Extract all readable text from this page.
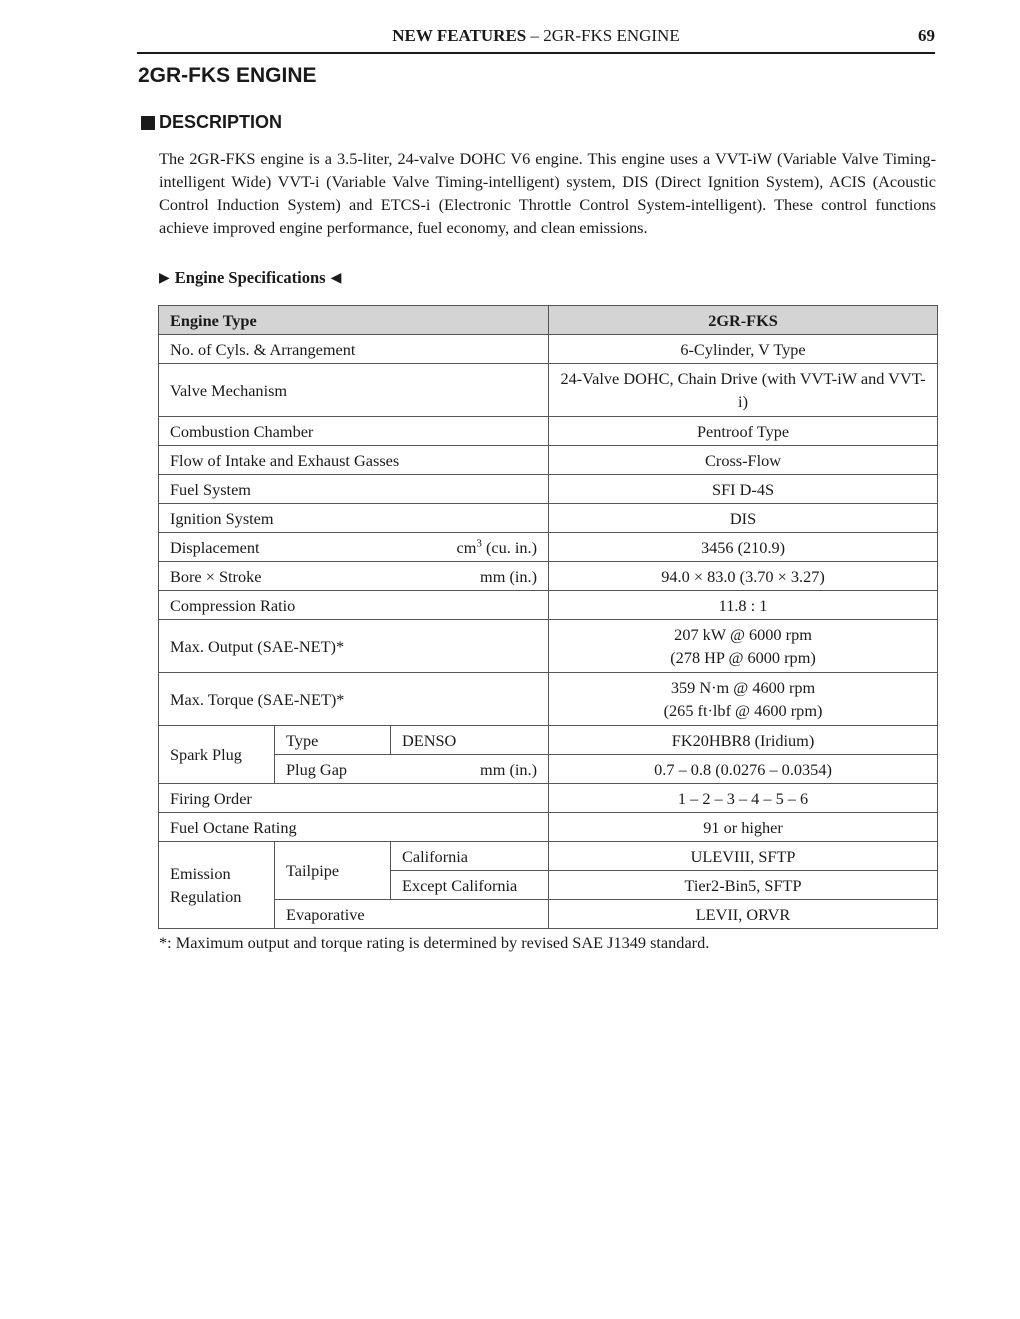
NEW FEATURES – 2GR-FKS ENGINE	69
2GR-FKS ENGINE
DESCRIPTION

The 2GR-FKS engine is a 3.5-liter, 24-valve DOHC V6 engine. This engine uses a VVT-iW (Variable Valve Timing-intelligent Wide) VVT-i (Variable Valve Timing-intelligent) system, DIS (Direct Ignition System), ACIS (Acoustic Control Induction System) and ETCS-i (Electronic Throttle Control System-intelligent). These control functions achieve improved engine performance, fuel economy, and clean emissions.

▶ Engine Specifications ◀
Engine Type			2GR-FKS
No. of Cyls. & Arrangement			6-Cylinder, V Type
Valve Mechanism			24-Valve DOHC, Chain Drive (with VVT-iW and VVT-i)
Combustion Chamber			Pentroof Type
Flow of Intake and Exhaust Gasses			Cross-Flow
Fuel System			SFI D-4S
Ignition System			DIS

Displacement $cm^3$ (cu. in.)			3456 (210.9)

Bore × Stroke mm (in.)			94.0 × 83.0 (3.70 × 3.27)
Compression Ratio			11.8 : 1
Max. Output (SAE-NET)*			207 kW @ 6000 rpm
(278 HP @ 6000 rpm)

Max. Torque (SAE-NET)*			359 N·m @ 4600 rpm
(265 ft·lbf @ 4600 rpm)

Spark Plug	Type	DENSO	FK20HBR8 (Iridium)

	Plug Gap mm (in.)		0.7 – 0.8 (0.0276 – 0.0354)
Firing Order			1 – 2 – 3 – 4 – 5 – 6
Fuel Octane Rating			91 or higher
Emission Regulation	Tailpipe	California	ULEVIII, SFTP
		Except California	Tier2-Bin5, SFTP
	Evaporative		LEVII, ORVR
*: Maximum output and torque rating is determined by revised SAE J1349 standard.
